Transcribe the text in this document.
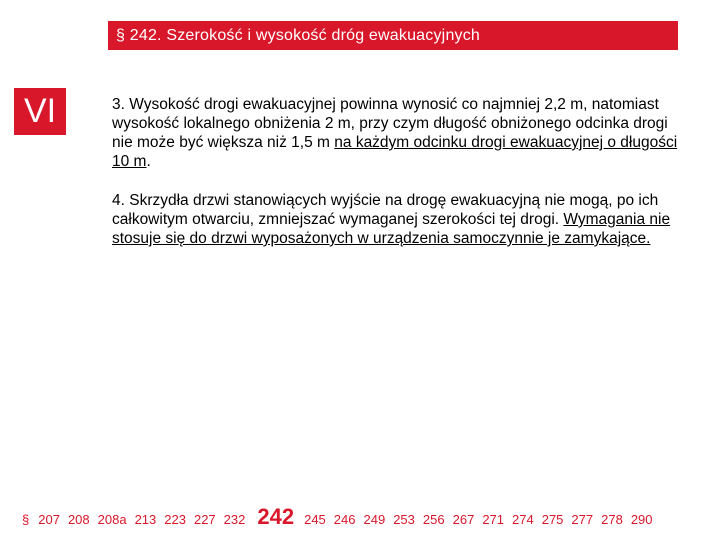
§ 242. Szerokość i wysokość dróg ewakuacyjnych
VI	3. Wysokość drogi ewakuacyjnej powinna wynosić co najmniej 2,2 m, natomiast wysokość lokalnego obniżenia 2 m, przy czym długość obniżonego odcinka drogi nie może być większa niż 1,5 m na każdym odcinku drogi ewakuacyjnej o długości 10 m.

4. Skrzydła drzwi stanowiących wyjście na drogę ewakuacyjną nie mogą, po ich całkowitym otwarciu, zmniejszać wymaganej szerokości tej drogi. Wymagania nie stosuje się do drzwi wyposażonych w urządzenia samoczynnie je zamykające.

§ 207 208 208a 213 223 227 232 242 245 246 249 253 256 267 271 274 275 277 278 290
